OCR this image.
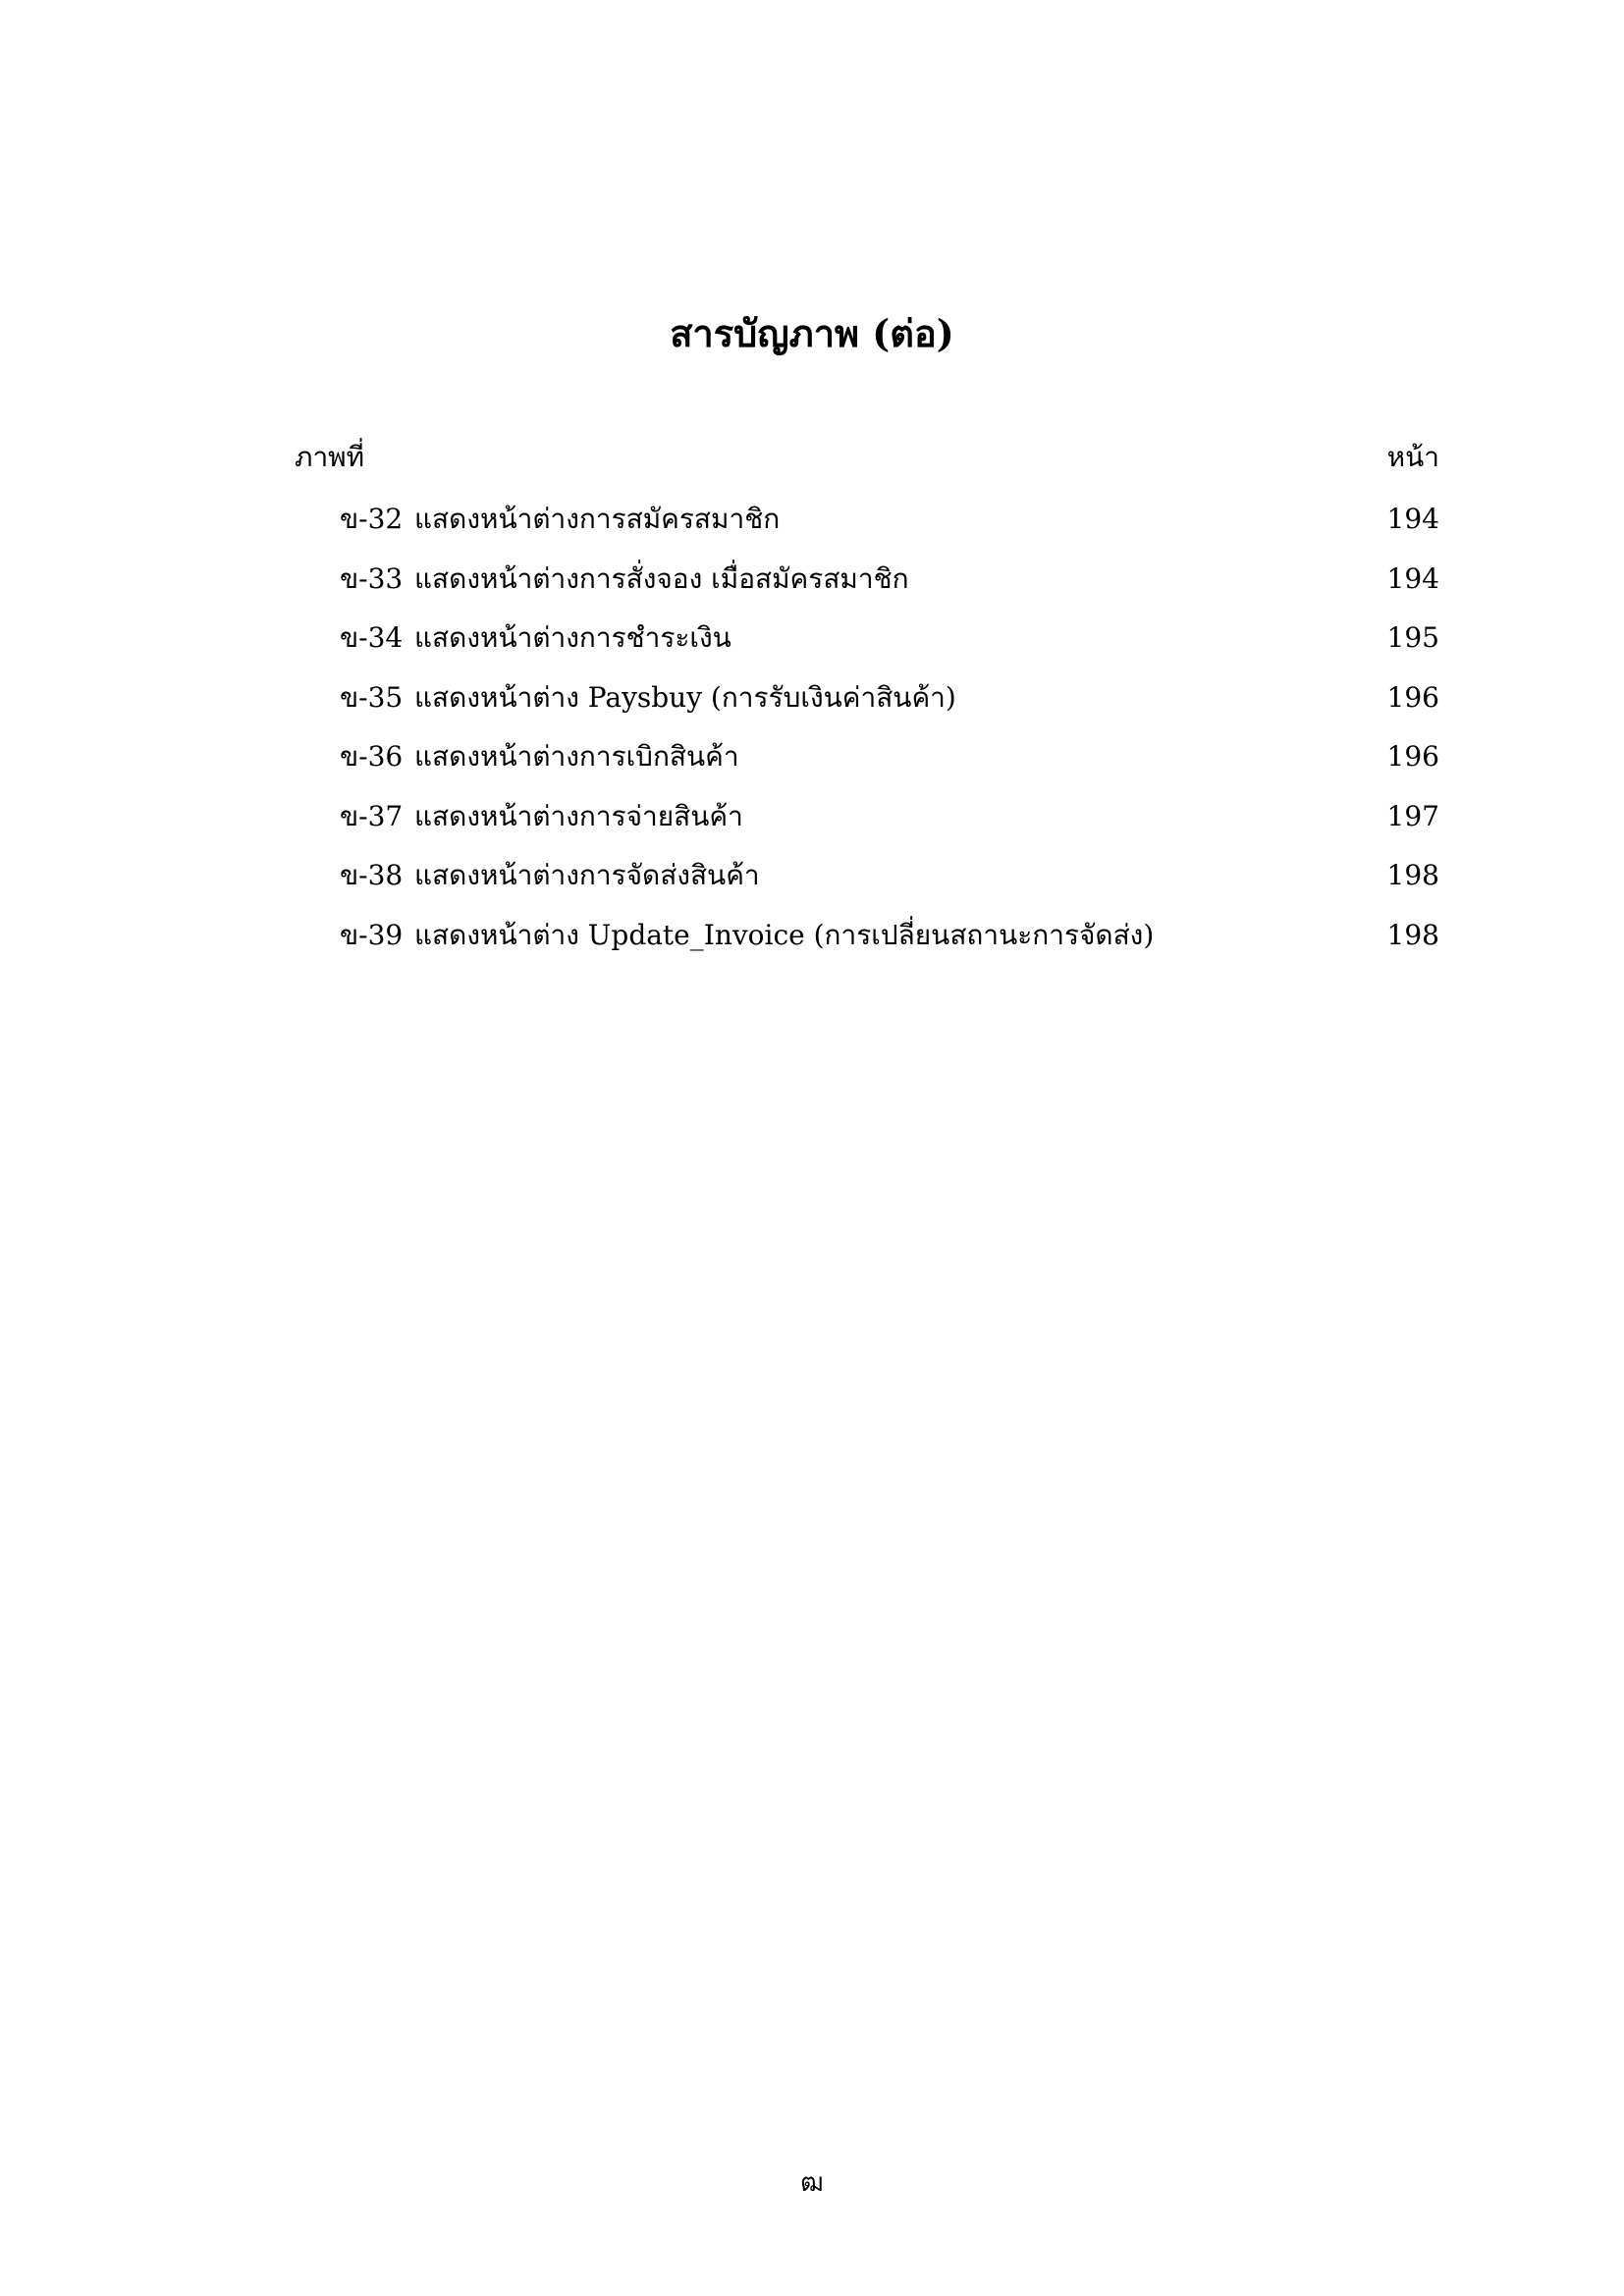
สารบัญภาพ (ต่อ)
ภาพที่	หน้า
ข-32 แสดงหน้าต่างการสมัครสมาชิก	194
ข-33 แสดงหน้าต่างการสั่งจอง เมื่อสมัครสมาชิก	194
ข-34 แสดงหน้าต่างการชำระเงิน	195
ข-35 แสดงหน้าต่าง Paysbuy (การรับเงินค่าสินค้า)	196
ข-36 แสดงหน้าต่างการเบิกสินค้า	196
ข-37 แสดงหน้าต่างการจ่ายสินค้า	197
ข-38 แสดงหน้าต่างการจัดส่งสินค้า	198
ข-39 แสดงหน้าต่าง Update_Invoice (การเปลี่ยนสถานะการจัดส่ง)	198
ฒ
